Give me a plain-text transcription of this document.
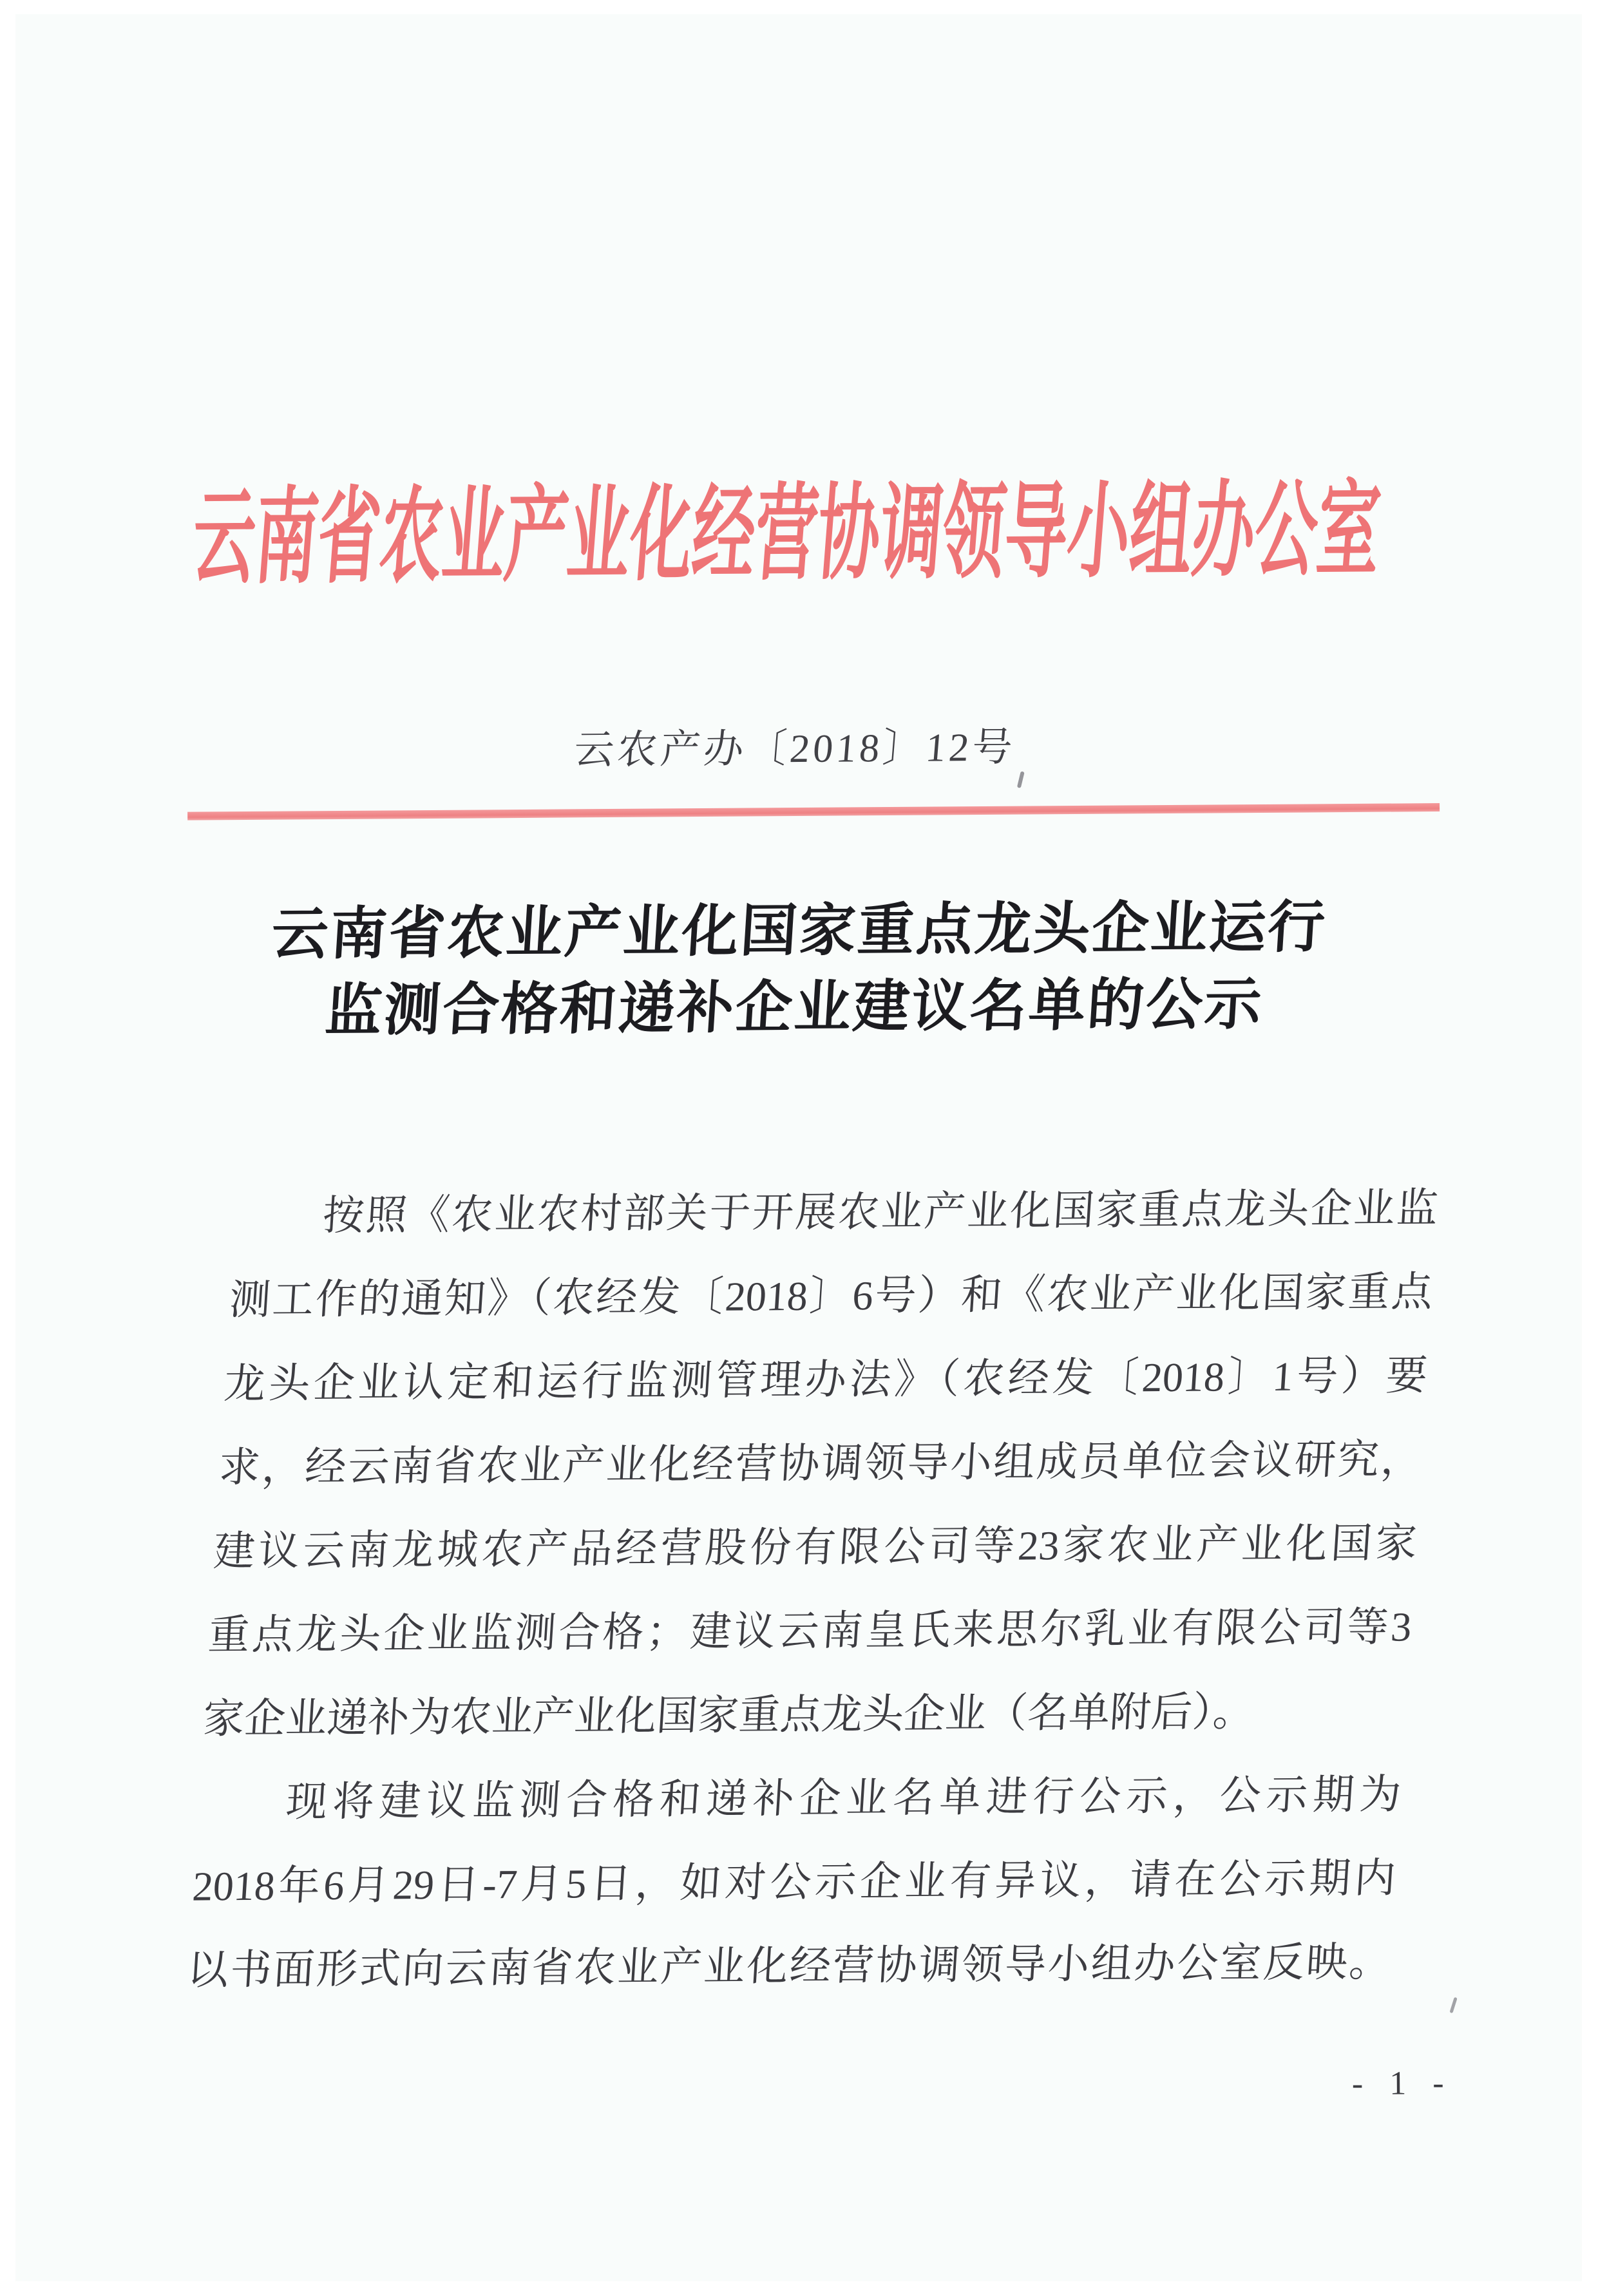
云南省农业产业化经营协调领导小组办公室
云农产办〔2018〕12号
云南省农业产业化国家重点龙头企业运行
监测合格和递补企业建议名单的公示
按照《农业农村部关于开展农业产业化国家重点龙头企业监
测工作的通知》（农经发〔2018〕6号）和《农业产业化国家重点
龙头企业认定和运行监测管理办法》（农经发〔2018〕1号）要
求，经云南省农业产业化经营协调领导小组成员单位会议研究，
建议云南龙城农产品经营股份有限公司等23家农业产业化国家
重点龙头企业监测合格；建议云南皇氏来思尔乳业有限公司等3
家企业递补为农业产业化国家重点龙头企业（名单附后）。
现将建议监测合格和递补企业名单进行公示，公示期为
2018年6月29日-7月5日，如对公示企业有异议，请在公示期内
以书面形式向云南省农业产业化经营协调领导小组办公室反映。
- 1 -
